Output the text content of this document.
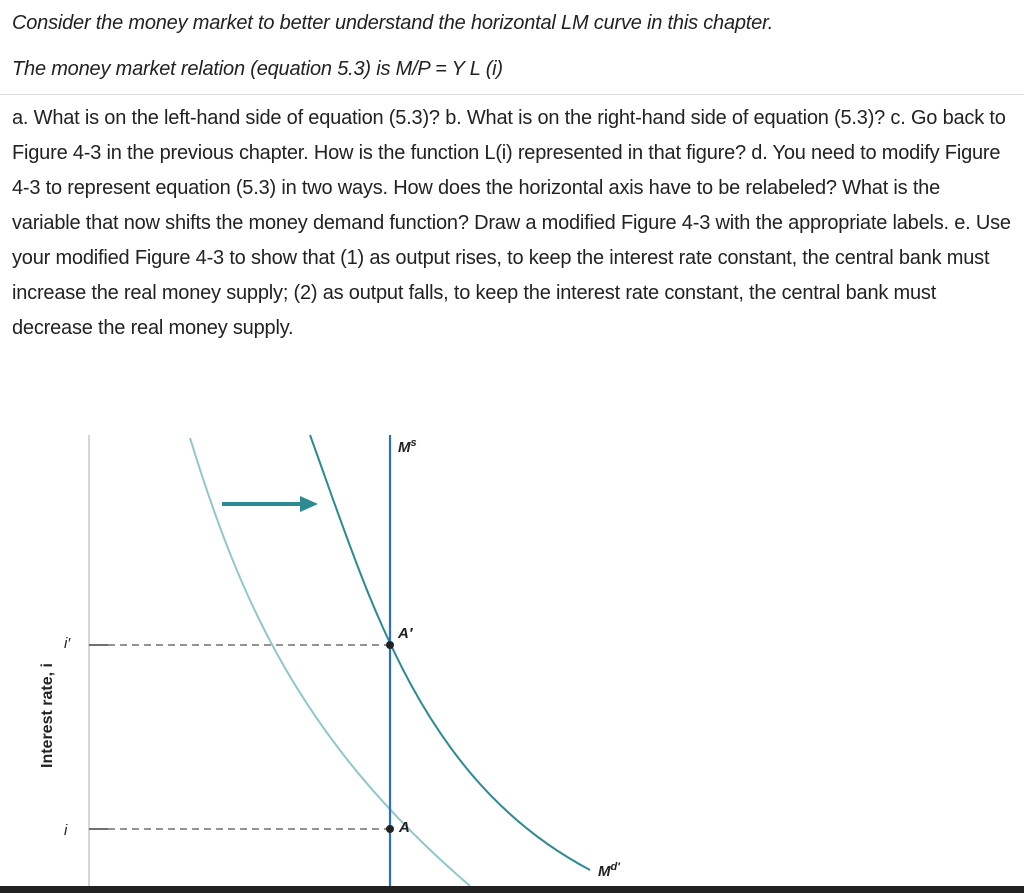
Consider the money market to better understand the horizontal LM curve in this chapter.
The money market relation (equation 5.3) is M/P = Y L (i)
a. What is on the left-hand side of equation (5.3)? b. What is on the right-hand side of equation (5.3)? c. Go back to Figure 4-3 in the previous chapter. How is the function L(i) represented in that figure? d. You need to modify Figure 4-3 to represent equation (5.3) in two ways. How does the horizontal axis have to be relabeled? What is the variable that now shifts the money demand function? Draw a modified Figure 4-3 with the appropriate labels. e. Use your modified Figure 4-3 to show that (1) as output rises, to keep the interest rate constant, the central bank must increase the real money supply; (2) as output falls, to keep the interest rate constant, the central bank must decrease the real money supply.
Interest rate, i
i′
i
$M^s$
A′
A
$M^{d'}$
